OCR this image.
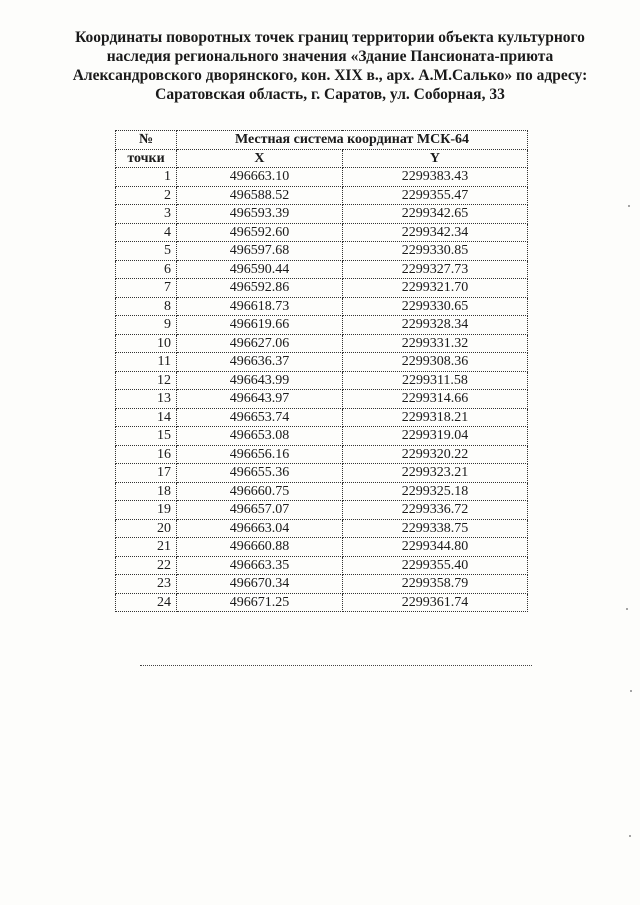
Координаты поворотных точек границ территории объекта культурного
наследия регионального значения «Здание Пансионата-приюта
Александровского дворянского, кон. XIX в., арх. А.М.Салько» по адресу:
Саратовская область, г. Саратов, ул. Соборная, 33
№	Местная система координат МСК-64	
точки	X	Y
1	496663.10	2299383.43
2	496588.52	2299355.47
3	496593.39	2299342.65
4	496592.60	2299342.34
5	496597.68	2299330.85
6	496590.44	2299327.73
7	496592.86	2299321.70
8	496618.73	2299330.65
9	496619.66	2299328.34
10	496627.06	2299331.32
11	496636.37	2299308.36
12	496643.99	2299311.58
13	496643.97	2299314.66
14	496653.74	2299318.21
15	496653.08	2299319.04
16	496656.16	2299320.22
17	496655.36	2299323.21
18	496660.75	2299325.18
19	496657.07	2299336.72
20	496663.04	2299338.75
21	496660.88	2299344.80
22	496663.35	2299355.40
23	496670.34	2299358.79
24	496671.25	2299361.74
